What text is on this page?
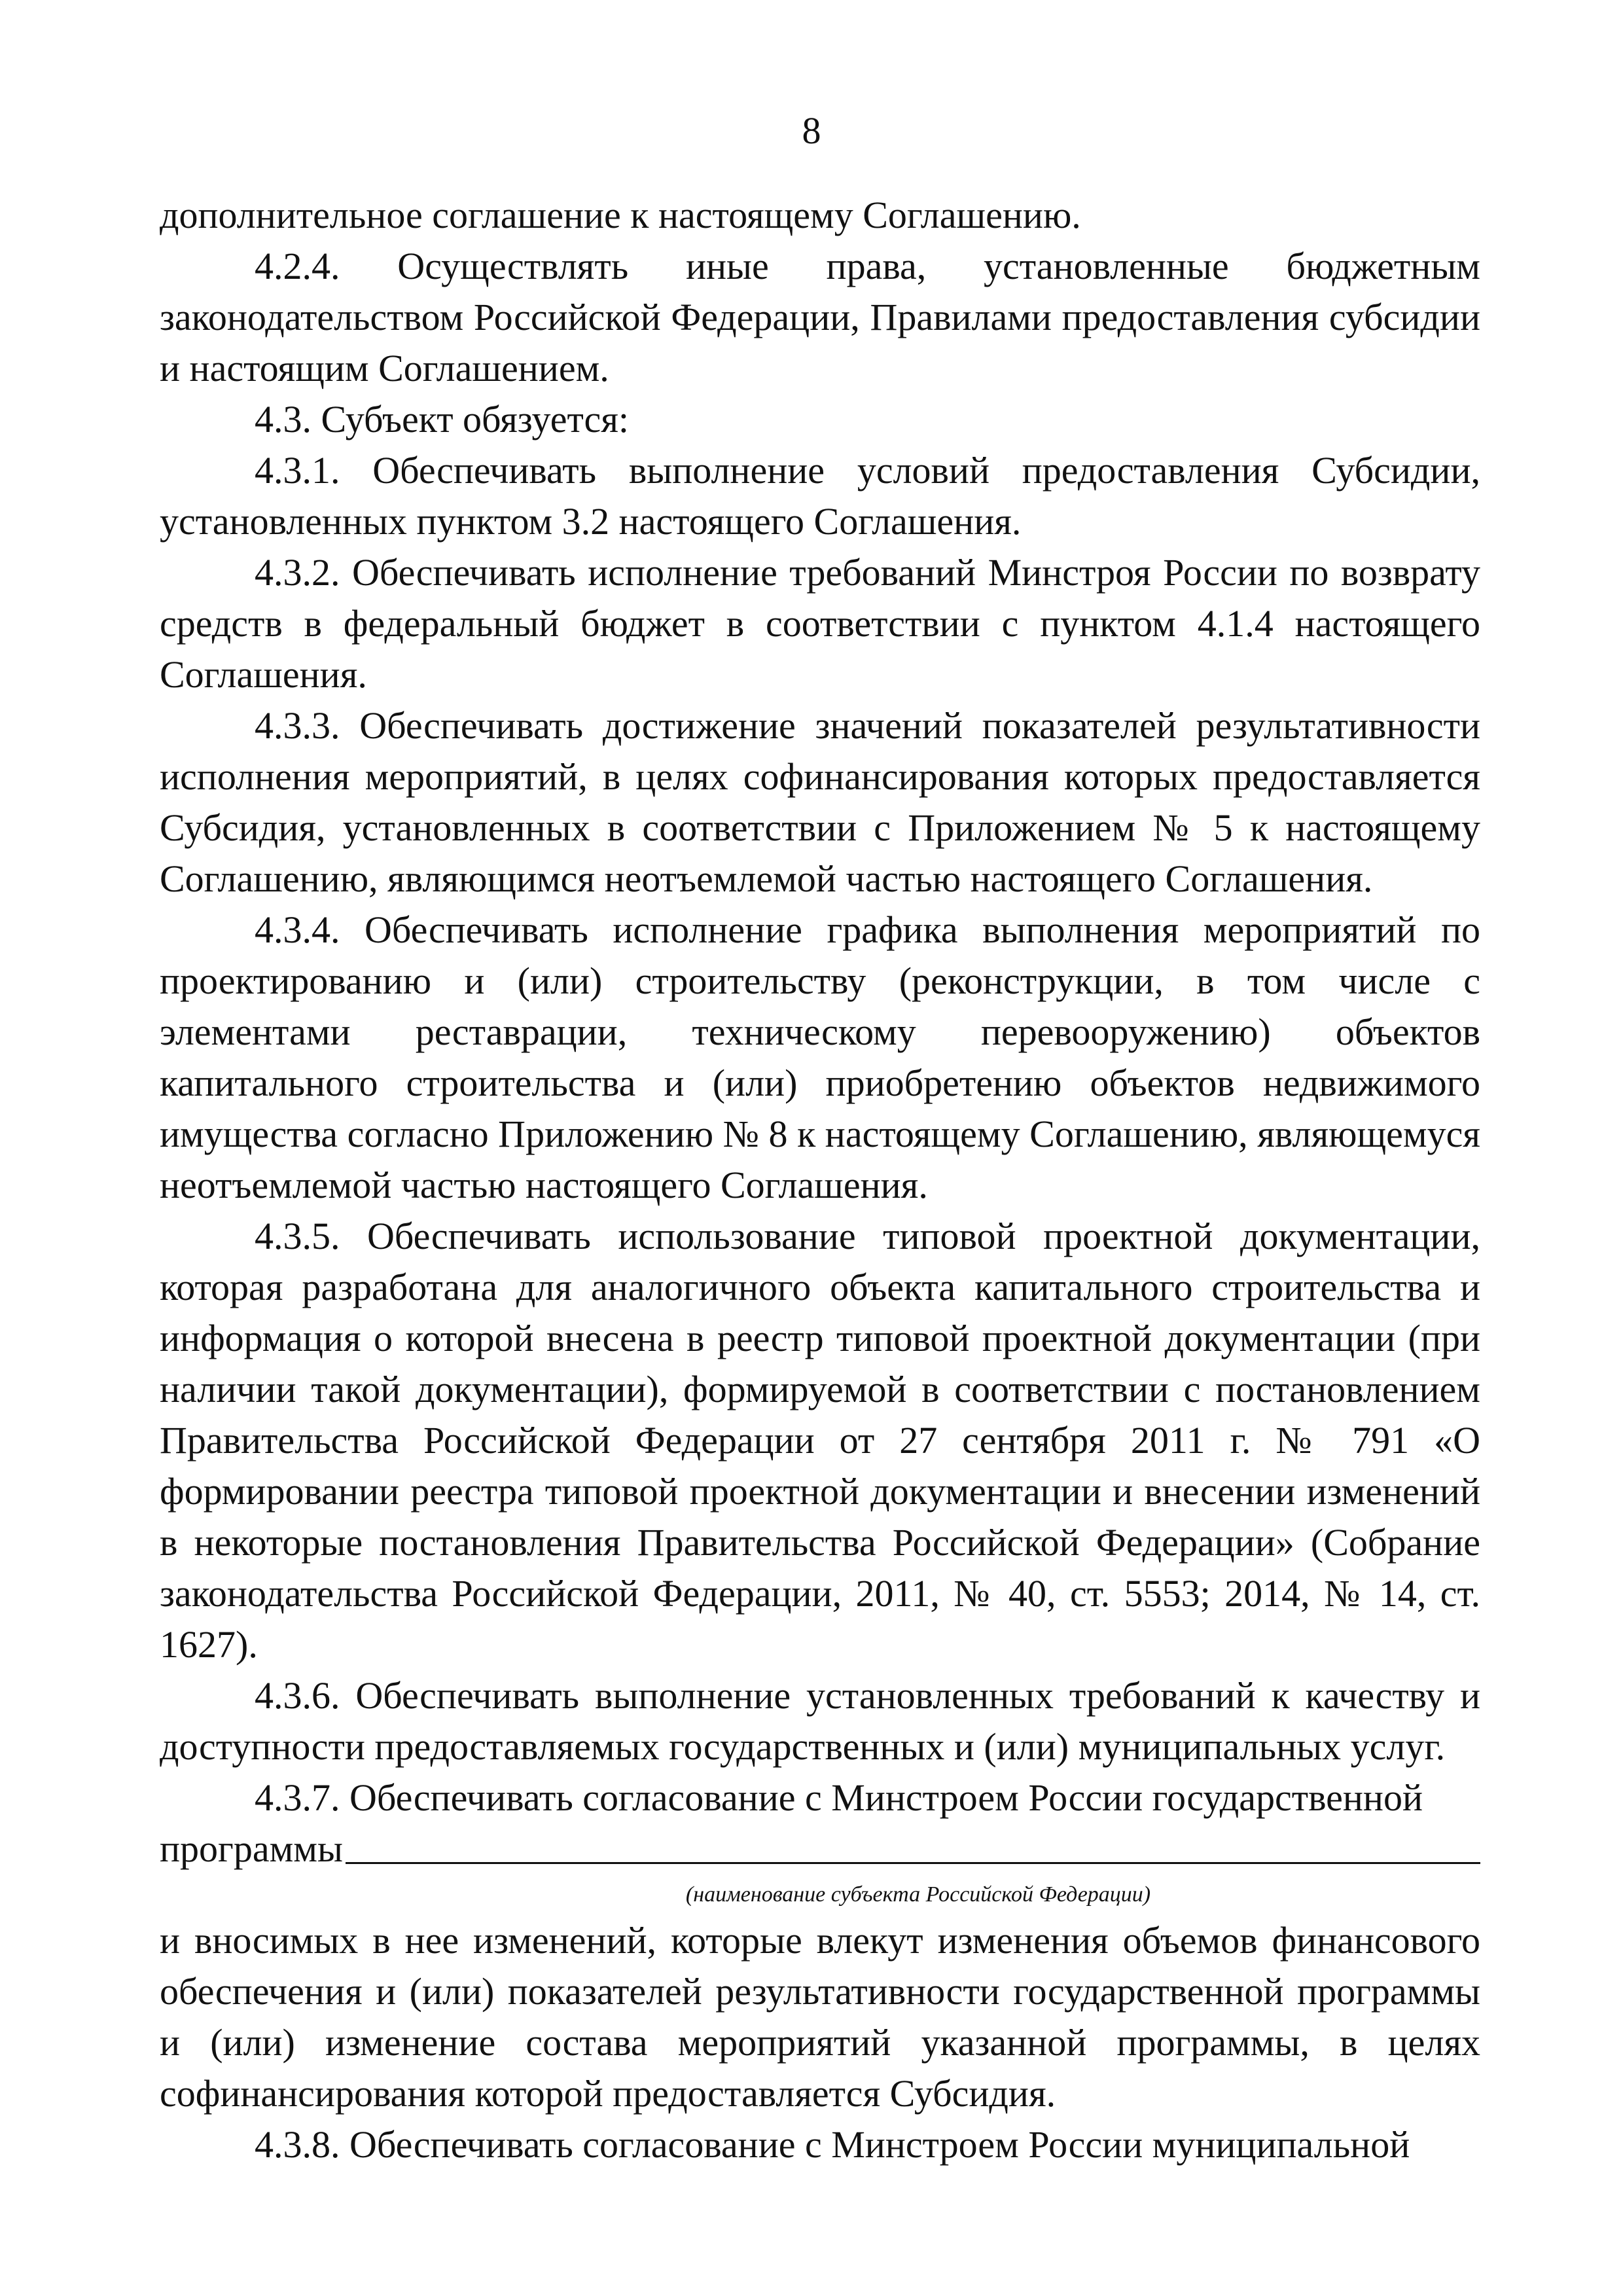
8

дополнительное соглашение к настоящему Соглашению.

4.2.4. Осуществлять иные права, установленные бюджетным законодательством Российской Федерации, Правилами предоставления субсидии и настоящим Соглашением.

4.3. Субъект обязуется:

4.3.1. Обеспечивать выполнение условий предоставления Субсидии, установленных пунктом 3.2 настоящего Соглашения.

4.3.2. Обеспечивать исполнение требований Минстроя России по возврату средств в федеральный бюджет в соответствии с пунктом 4.1.4 настоящего Соглашения.

4.3.3. Обеспечивать достижение значений показателей результативности исполнения мероприятий, в целях софинансирования которых предоставляется Субсидия, установленных в соответствии с Приложением № 5 к настоящему Соглашению, являющимся неотъемлемой частью настоящего Соглашения.

4.3.4. Обеспечивать исполнение графика выполнения мероприятий по проектированию и (или) строительству (реконструкции, в том числе с элементами реставрации, техническому перевооружению) объектов капитального строительства и (или) приобретению объектов недвижимого имущества согласно Приложению № 8 к настоящему Соглашению, являющемуся неотъемлемой частью настоящего Соглашения.

4.3.5. Обеспечивать использование типовой проектной документации, которая разработана для аналогичного объекта капитального строительства и информация о которой внесена в реестр типовой проектной документации (при наличии такой документации), формируемой в соответствии с постановлением Правительства Российской Федерации от 27 сентября 2011 г. № 791 «О формировании реестра типовой проектной документации и внесении изменений в некоторые постановления Правительства Российской Федерации» (Собрание законодательства Российской Федерации, 2011, № 40, ст. 5553; 2014, № 14, ст. 1627).

4.3.6. Обеспечивать выполнение установленных требований к качеству и доступности предоставляемых государственных и (или) муниципальных услуг.

4.3.7. Обеспечивать согласование с Минстроем России государственной

программы

(наименование субъекта Российской Федерации)

и вносимых в нее изменений, которые влекут изменения объемов финансового обеспечения и (или) показателей результативности государственной программы и (или) изменение состава мероприятий указанной программы, в целях софинансирования которой предоставляется Субсидия.

4.3.8. Обеспечивать согласование с Минстроем России муниципальной
